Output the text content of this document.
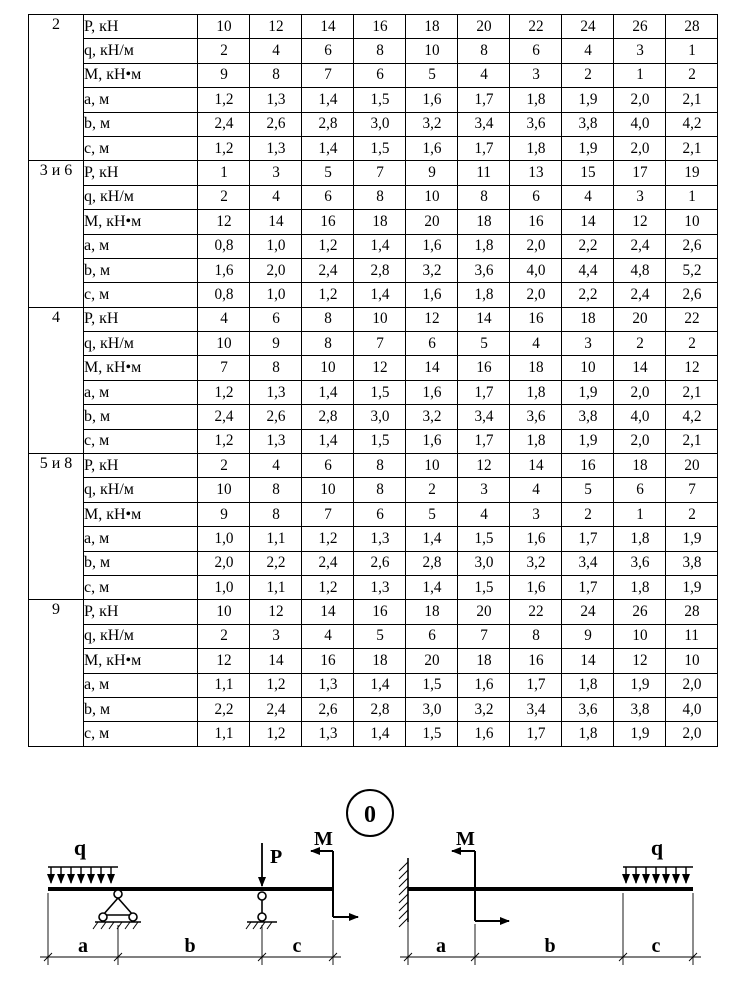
2	P, кН	10	12	14	16	18	20	22	24	26	28
	q, кН/м	2	4	6	8	10	8	6	4	3	1
	M, кН•м	9	8	7	6	5	4	3	2	1	2
	a, м	1,2	1,3	1,4	1,5	1,6	1,7	1,8	1,9	2,0	2,1
	b, м	2,4	2,6	2,8	3,0	3,2	3,4	3,6	3,8	4,0	4,2
	c, м	1,2	1,3	1,4	1,5	1,6	1,7	1,8	1,9	2,0	2,1
3 и 6	P, кН	1	3	5	7	9	11	13	15	17	19
	q, кН/м	2	4	6	8	10	8	6	4	3	1
	M, кН•м	12	14	16	18	20	18	16	14	12	10
	a, м	0,8	1,0	1,2	1,4	1,6	1,8	2,0	2,2	2,4	2,6
	b, м	1,6	2,0	2,4	2,8	3,2	3,6	4,0	4,4	4,8	5,2
	c, м	0,8	1,0	1,2	1,4	1,6	1,8	2,0	2,2	2,4	2,6
4	P, кН	4	6	8	10	12	14	16	18	20	22
	q, кН/м	10	9	8	7	6	5	4	3	2	2
	M, кН•м	7	8	10	12	14	16	18	10	14	12
	a, м	1,2	1,3	1,4	1,5	1,6	1,7	1,8	1,9	2,0	2,1
	b, м	2,4	2,6	2,8	3,0	3,2	3,4	3,6	3,8	4,0	4,2
	c, м	1,2	1,3	1,4	1,5	1,6	1,7	1,8	1,9	2,0	2,1
5 и 8	P, кН	2	4	6	8	10	12	14	16	18	20
	q, кН/м	10	8	10	8	2	3	4	5	6	7
	M, кН•м	9	8	7	6	5	4	3	2	1	2
	a, м	1,0	1,1	1,2	1,3	1,4	1,5	1,6	1,7	1,8	1,9
	b, м	2,0	2,2	2,4	2,6	2,8	3,0	3,2	3,4	3,6	3,8
	c, м	1,0	1,1	1,2	1,3	1,4	1,5	1,6	1,7	1,8	1,9
9	P, кН	10	12	14	16	18	20	22	24	26	28
	q, кН/м	2	3	4	5	6	7	8	9	10	11
	M, кН•м	12	14	16	18	20	18	16	14	12	10
	a, м	1,1	1,2	1,3	1,4	1,5	1,6	1,7	1,8	1,9	2,0
	b, м	2,2	2,4	2,6	2,8	3,0	3,2	3,4	3,6	3,8	4,0
	c, м	1,1	1,2	1,3	1,4	1,5	1,6	1,7	1,8	1,9	2,0
0
q	P
M
a	b	c
M	q
a	b	c
